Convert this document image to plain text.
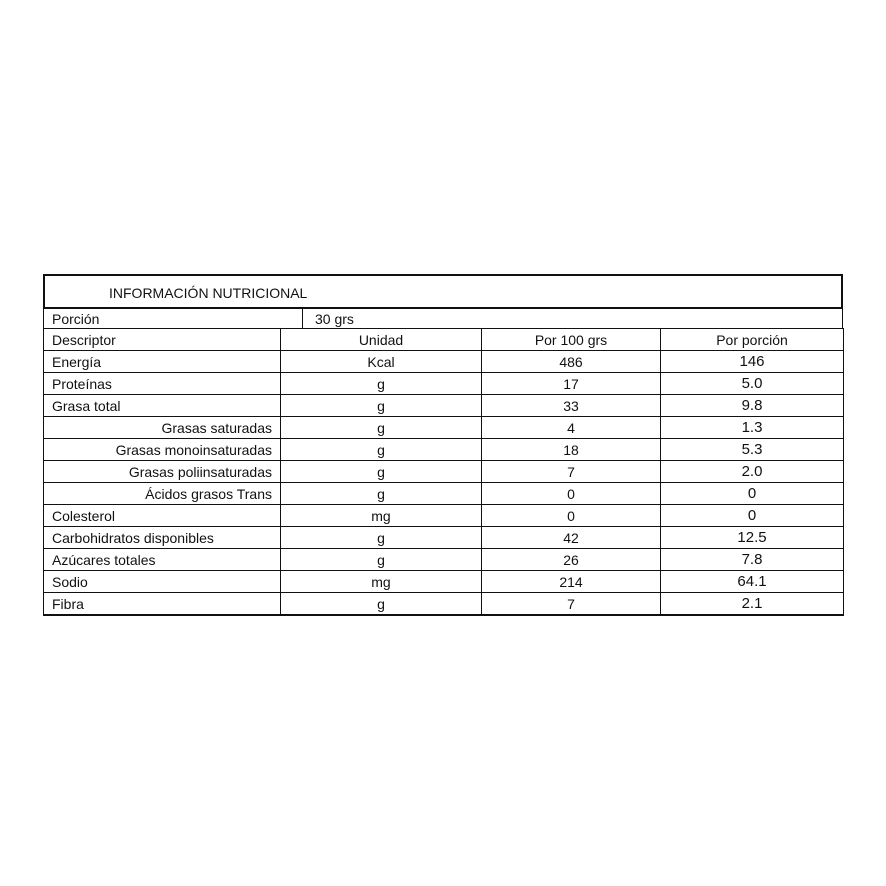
INFORMACIÓN NUTRICIONAL
Porción	30 grs
Descriptor	Unidad	Por 100 grs	Por porción
Energía	Kcal	486	146
Proteínas	g	17	5.0
Grasa total	g	33	9.8
Grasas saturadas	g	4	1.3
Grasas monoinsaturadas	g	18	5.3
Grasas poliinsaturadas	g	7	2.0
Ácidos grasos Trans	g	0	0
Colesterol	mg	0	0
Carbohidratos disponibles	g	42	12.5
Azúcares totales	g	26	7.8
Sodio	mg	214	64.1
Fibra	g	7	2.1
